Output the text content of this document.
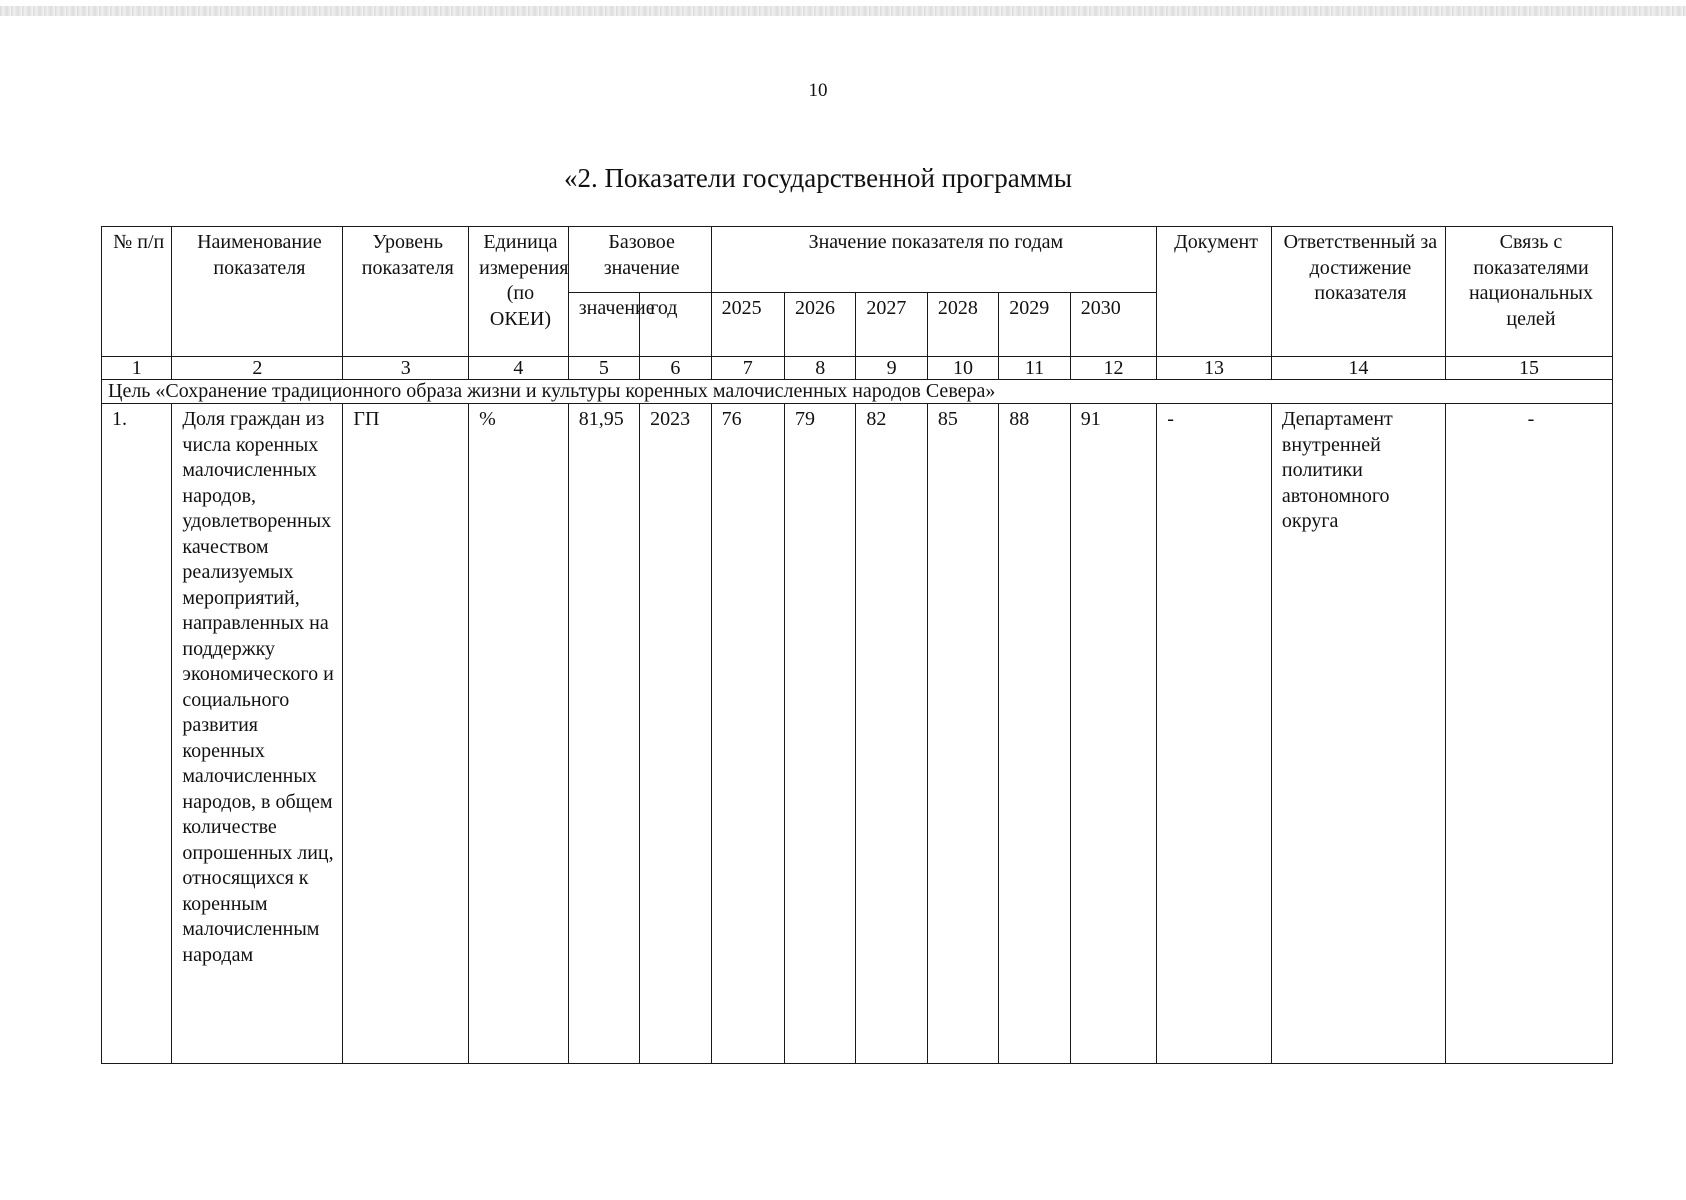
10
«2. Показатели государственной программы
№ п/п	Наименование показателя	Уровень показателя	Единица измерения (по ОКЕИ)	Базовое значение		Значение показателя по годам						Документ	Ответственный за достижение показателя	Связь с показателями национальных целей
				значение	год	2025	2026	2027	2028	2029	2030			
1	2	3	4	5	6	7	8	9	10	11	12	13	14	15
Цель «Сохранение традиционного образа жизни и культуры коренных малочисленных народов Севера»														
1.	Доля граждан из числа коренных малочисленных народов, удовлетворенных качеством реализуемых мероприятий, направленных на поддержку экономического и социального развития коренных малочисленных народов, в общем количестве опрошенных лиц, относящихся к коренным малочисленным народам	ГП	%	81,95	2023	76	79	82	85	88	91	-	Департамент внутренней политики автономного округа	-
